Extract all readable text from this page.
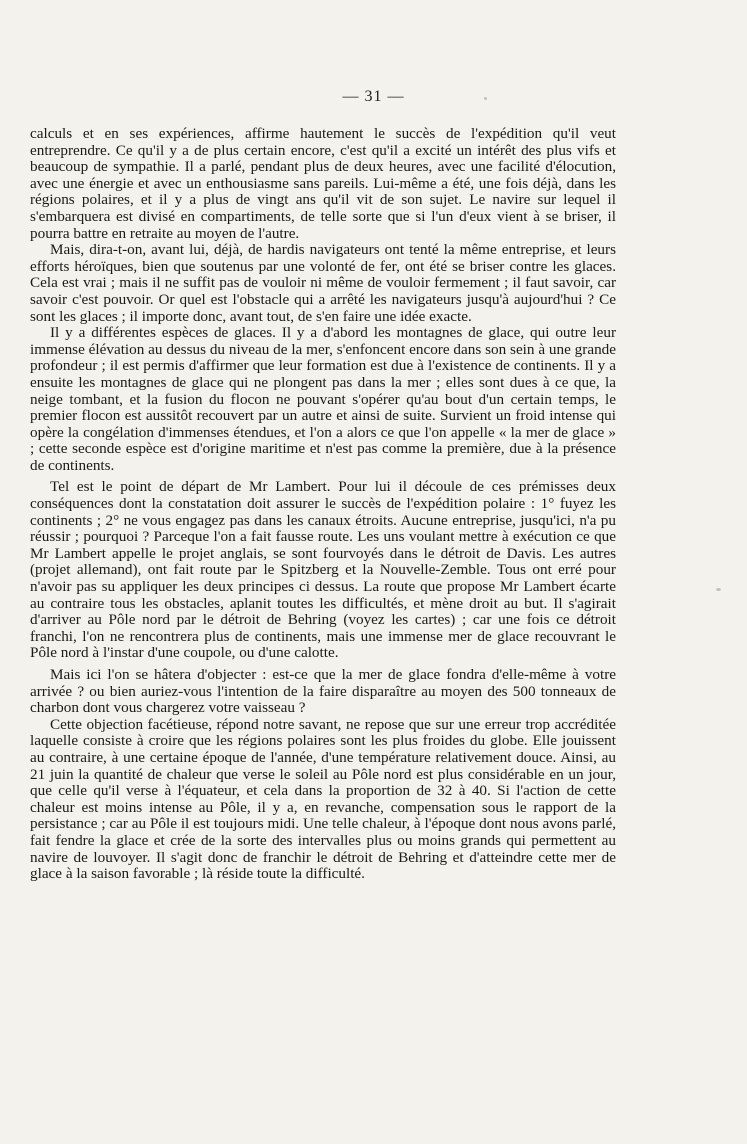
— 31 —

calculs et en ses expériences, affirme hautement le succès de l'expédition qu'il veut entreprendre. Ce qu'il y a de plus certain encore, c'est qu'il a excité un intérêt des plus vifs et beaucoup de sympathie. Il a parlé, pendant plus de deux heures, avec une facilité d'élocution, avec une énergie et avec un enthousiasme sans pareils. Lui-même a été, une fois déjà, dans les régions polaires, et il y a plus de vingt ans qu'il vit de son sujet. Le navire sur lequel il s'embarquera est divisé en compartiments, de telle sorte que si l'un d'eux vient à se briser, il pourra battre en retraite au moyen de l'autre.

Mais, dira-t-on, avant lui, déjà, de hardis navigateurs ont tenté la même entreprise, et leurs efforts héroïques, bien que soutenus par une volonté de fer, ont été se briser contre les glaces. Cela est vrai ; mais il ne suffit pas de vouloir ni même de vouloir fermement ; il faut savoir, car savoir c'est pouvoir. Or quel est l'obstacle qui a arrêté les navigateurs jusqu'à aujourd'hui ? Ce sont les glaces ; il importe donc, avant tout, de s'en faire une idée exacte.

Il y a différentes espèces de glaces. Il y a d'abord les montagnes de glace, qui outre leur immense élévation au dessus du niveau de la mer, s'enfoncent encore dans son sein à une grande profondeur ; il est permis d'affirmer que leur formation est due à l'existence de continents. Il y a ensuite les montagnes de glace qui ne plongent pas dans la mer ; elles sont dues à ce que, la neige tombant, et la fusion du flocon ne pouvant s'opérer qu'au bout d'un certain temps, le premier flocon est aussitôt recouvert par un autre et ainsi de suite. Survient un froid intense qui opère la congélation d'immenses étendues, et l'on a alors ce que l'on appelle « la mer de glace » ; cette seconde espèce est d'origine maritime et n'est pas comme la première, due à la présence de continents.

Tel est le point de départ de Mr Lambert. Pour lui il découle de ces prémisses deux conséquences dont la constatation doit assurer le succès de l'expédition polaire : 1° fuyez les continents ; 2° ne vous engagez pas dans les canaux étroits. Aucune entreprise, jusqu'ici, n'a pu réussir ; pourquoi ? Parceque l'on a fait fausse route. Les uns voulant mettre à exécution ce que Mr Lambert appelle le projet anglais, se sont fourvoyés dans le détroit de Davis. Les autres (projet allemand), ont fait route par le Spitzberg et la Nouvelle-Zemble. Tous ont erré pour n'avoir pas su appliquer les deux principes ci dessus. La route que propose Mr Lambert écarte au contraire tous les obstacles, aplanit toutes les difficultés, et mène droit au but. Il s'agirait d'arriver au Pôle nord par le détroit de Behring (voyez les cartes) ; car une fois ce détroit franchi, l'on ne rencontrera plus de continents, mais une immense mer de glace recouvrant le Pôle nord à l'instar d'une coupole, ou d'une calotte.

Mais ici l'on se hâtera d'objecter : est-ce que la mer de glace fondra d'elle-même à votre arrivée ? ou bien auriez-vous l'intention de la faire disparaître au moyen des 500 tonneaux de charbon dont vous chargerez votre vaisseau ?

Cette objection facétieuse, répond notre savant, ne repose que sur une erreur trop accréditée laquelle consiste à croire que les régions polaires sont les plus froides du globe. Elle jouissent au contraire, à une certaine époque de l'année, d'une température relativement douce. Ainsi, au 21 juin la quantité de chaleur que verse le soleil au Pôle nord est plus considérable en un jour, que celle qu'il verse à l'équateur, et cela dans la proportion de 32 à 40. Si l'action de cette chaleur est moins intense au Pôle, il y a, en revanche, compensation sous le rapport de la persistance ; car au Pôle il est toujours midi. Une telle chaleur, à l'époque dont nous avons parlé, fait fendre la glace et crée de la sorte des intervalles plus ou moins grands qui permettent au navire de louvoyer. Il s'agit donc de franchir le détroit de Behring et d'atteindre cette mer de glace à la saison favorable ; là réside toute la difficulté.
